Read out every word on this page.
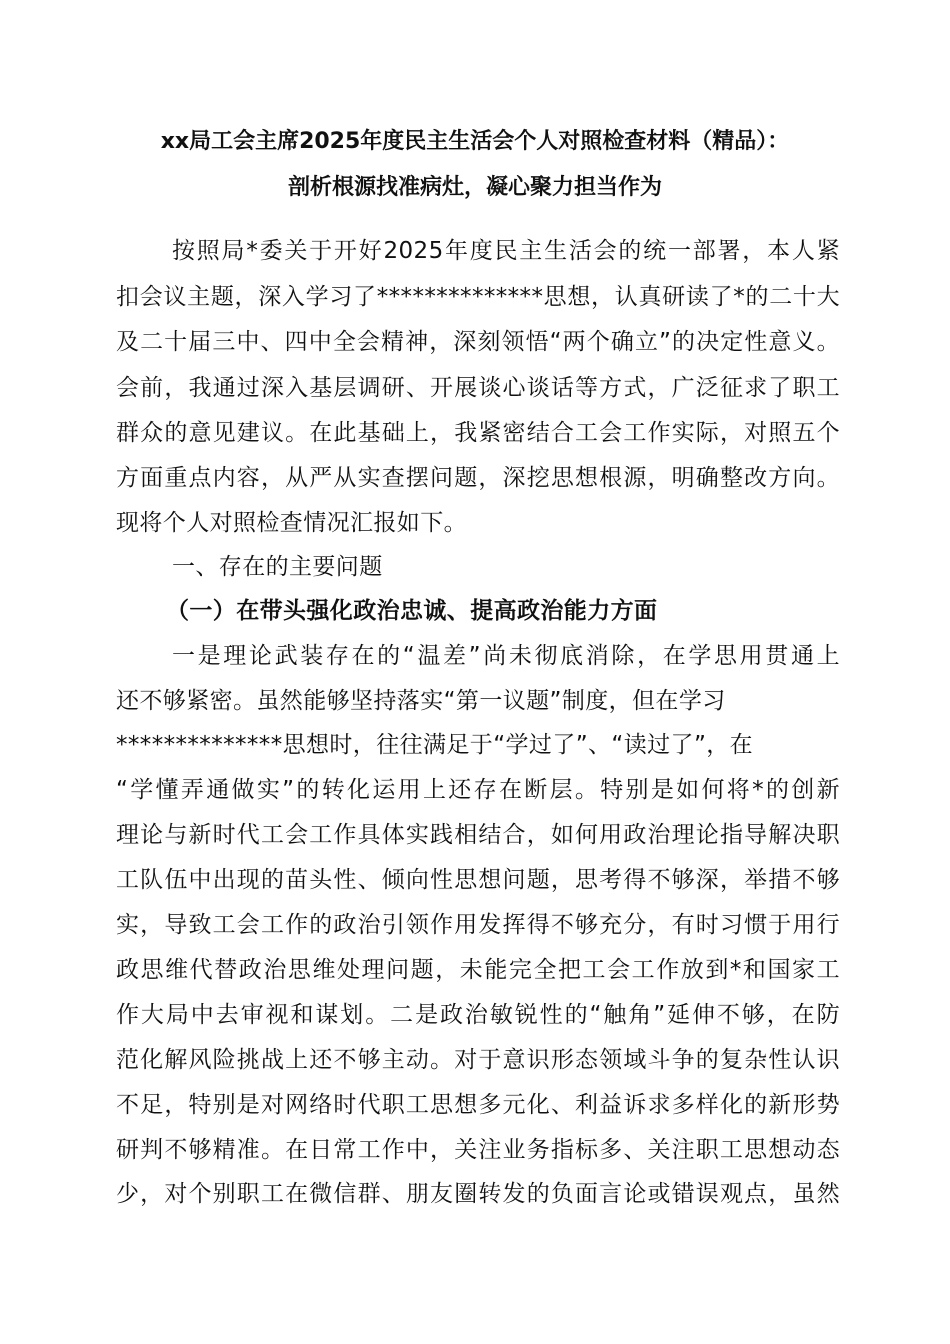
xx局工会主席2025年度民主生活会个人对照检查材料（精品）：
剖析根源找准病灶，凝心聚力担当作为
按照局*委关于开好2025年度民主生活会的统一部署，本人紧
扣会议主题，深入学习了**************思想，认真研读了*的二十大
及二十届三中、四中全会精神，深刻领悟“两个确立”的决定性意义。
会前，我通过深入基层调研、开展谈心谈话等方式，广泛征求了职工
群众的意见建议。在此基础上，我紧密结合工会工作实际，对照五个
方面重点内容，从严从实查摆问题，深挖思想根源，明确整改方向。
现将个人对照检查情况汇报如下。
一、存在的主要问题
（一）在带头强化政治忠诚、提高政治能力方面
一是理论武装存在的“温差”尚未彻底消除，在学思用贯通上
还不够紧密。虽然能够坚持落实“第一议题”制度，但在学习
**************思想时，往往满足于“学过了”、“读过了”，在
“学懂弄通做实”的转化运用上还存在断层。特别是如何将*的创新
理论与新时代工会工作具体实践相结合，如何用政治理论指导解决职
工队伍中出现的苗头性、倾向性思想问题，思考得不够深，举措不够
实，导致工会工作的政治引领作用发挥得不够充分，有时习惯于用行
政思维代替政治思维处理问题，未能完全把工会工作放到*和国家工
作大局中去审视和谋划。二是政治敏锐性的“触角”延伸不够，在防
范化解风险挑战上还不够主动。对于意识形态领域斗争的复杂性认识
不足，特别是对网络时代职工思想多元化、利益诉求多样化的新形势
研判不够精准。在日常工作中，关注业务指标多、关注职工思想动态
少，对个别职工在微信群、朋友圈转发的负面言论或错误观点，虽然
